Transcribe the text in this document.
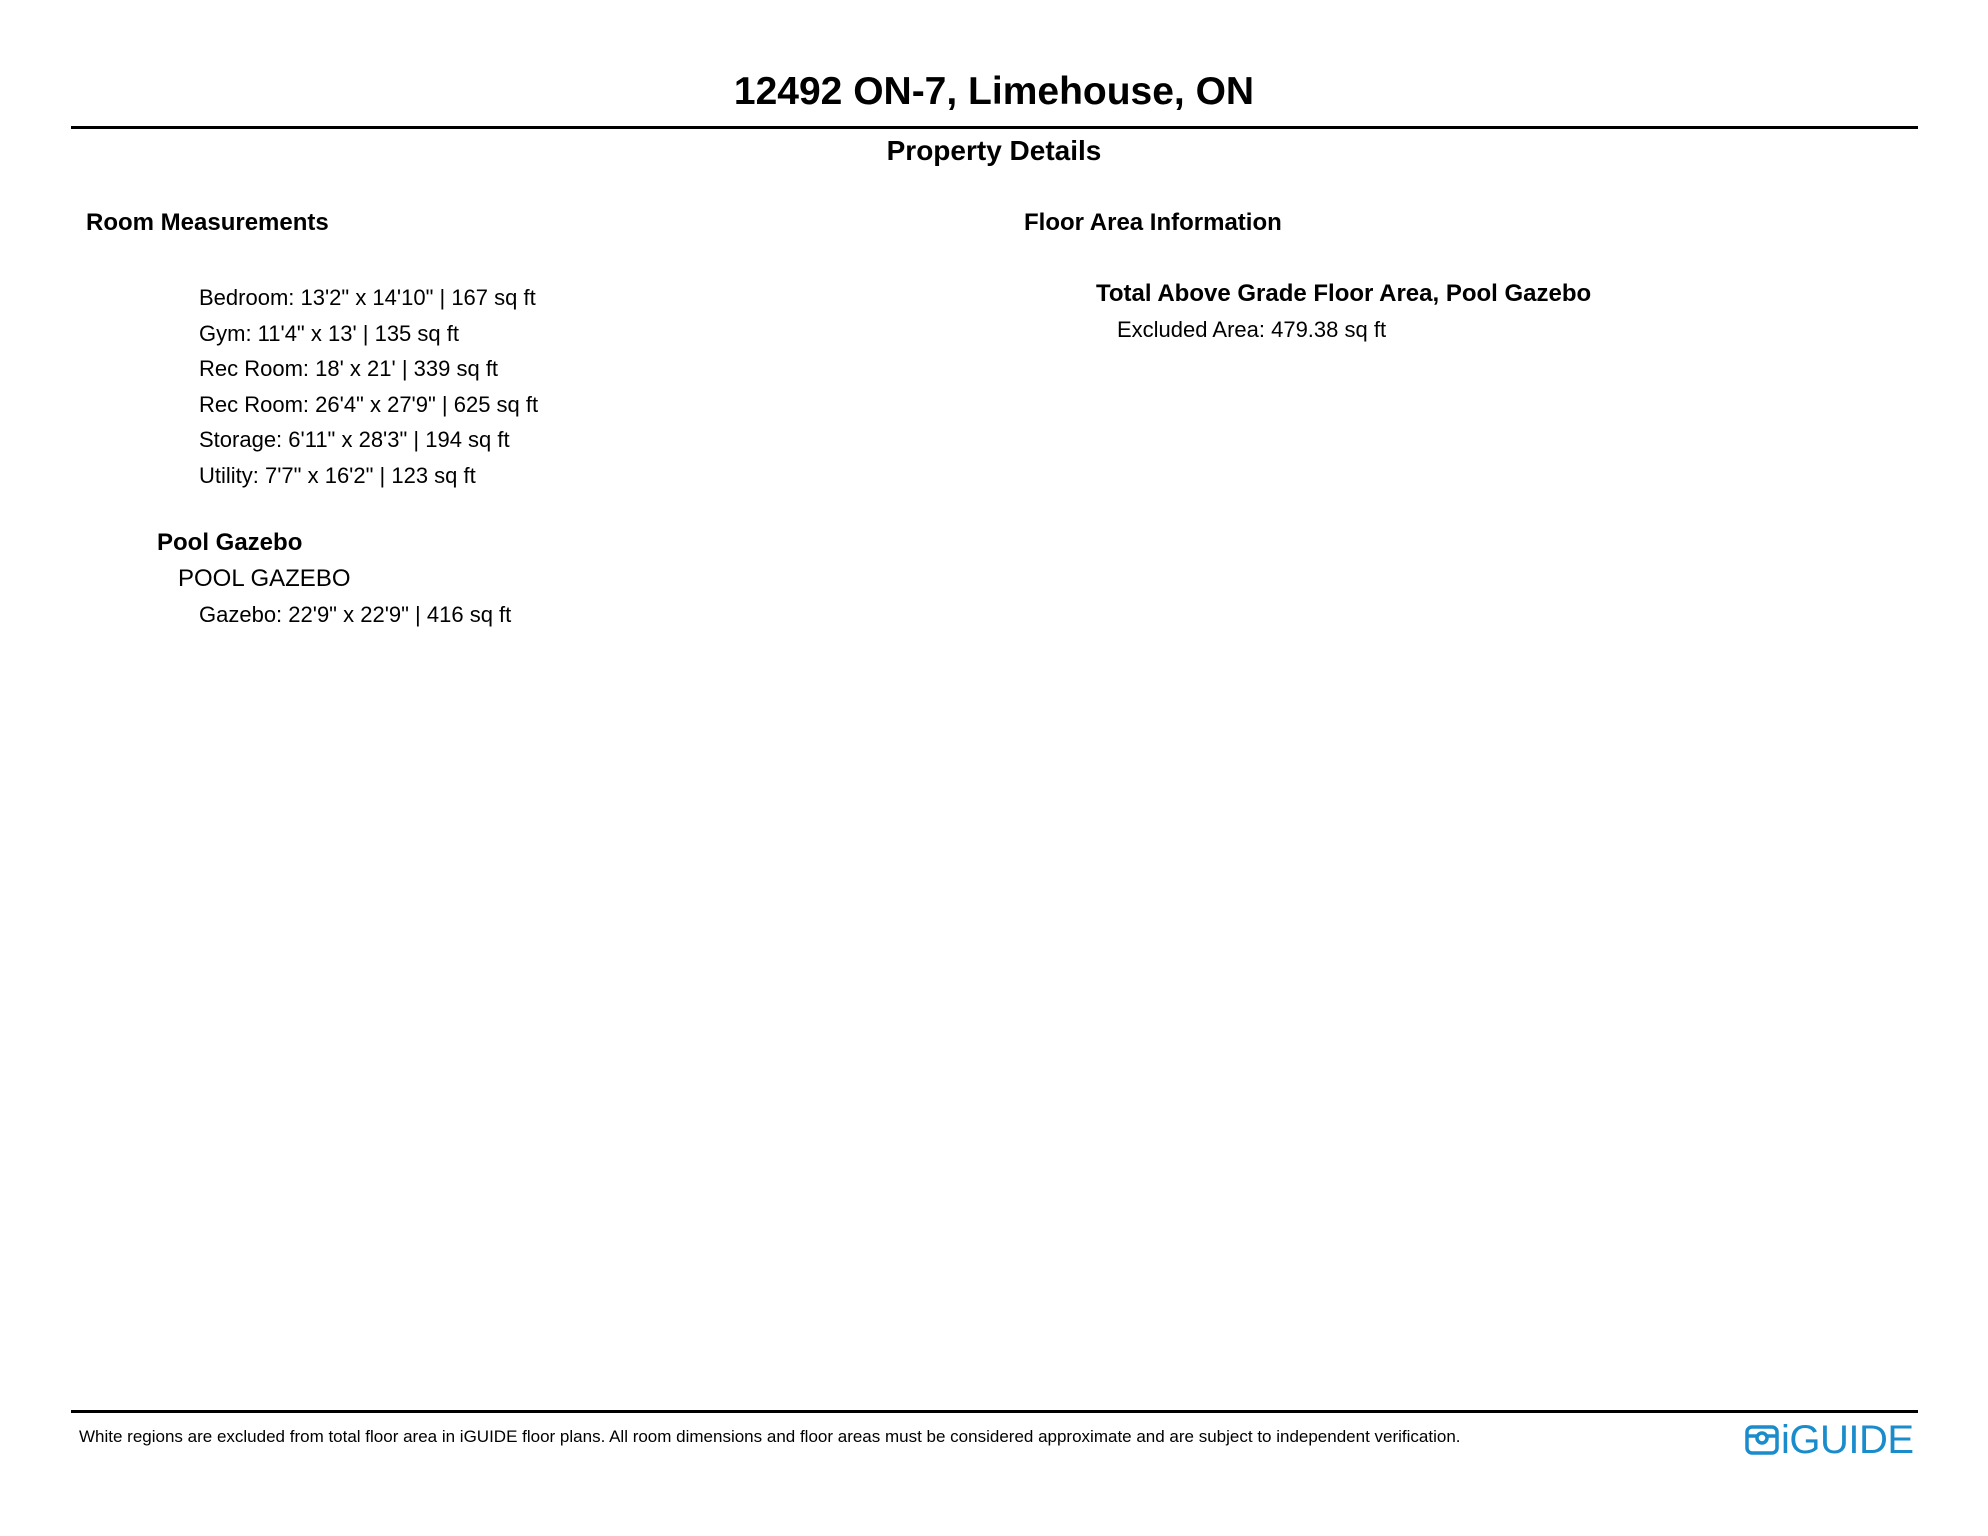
12492 ON-7, Limehouse, ON
Property Details
Room Measurements
Bedroom: 13'2" x 14'10" | 167 sq ft
Gym: 11'4" x 13' | 135 sq ft
Rec Room: 18' x 21' | 339 sq ft
Rec Room: 26'4" x 27'9" | 625 sq ft
Storage: 6'11" x 28'3" | 194 sq ft
Utility: 7'7" x 16'2" | 123 sq ft
Pool Gazebo
POOL GAZEBO
Gazebo: 22'9" x 22'9" | 416 sq ft
Floor Area Information
Total Above Grade Floor Area, Pool Gazebo
Excluded Area: 479.38 sq ft
White regions are excluded from total floor area in iGUIDE floor plans. All room dimensions and floor areas must be considered approximate and are subject to independent verification.	iGUIDE
